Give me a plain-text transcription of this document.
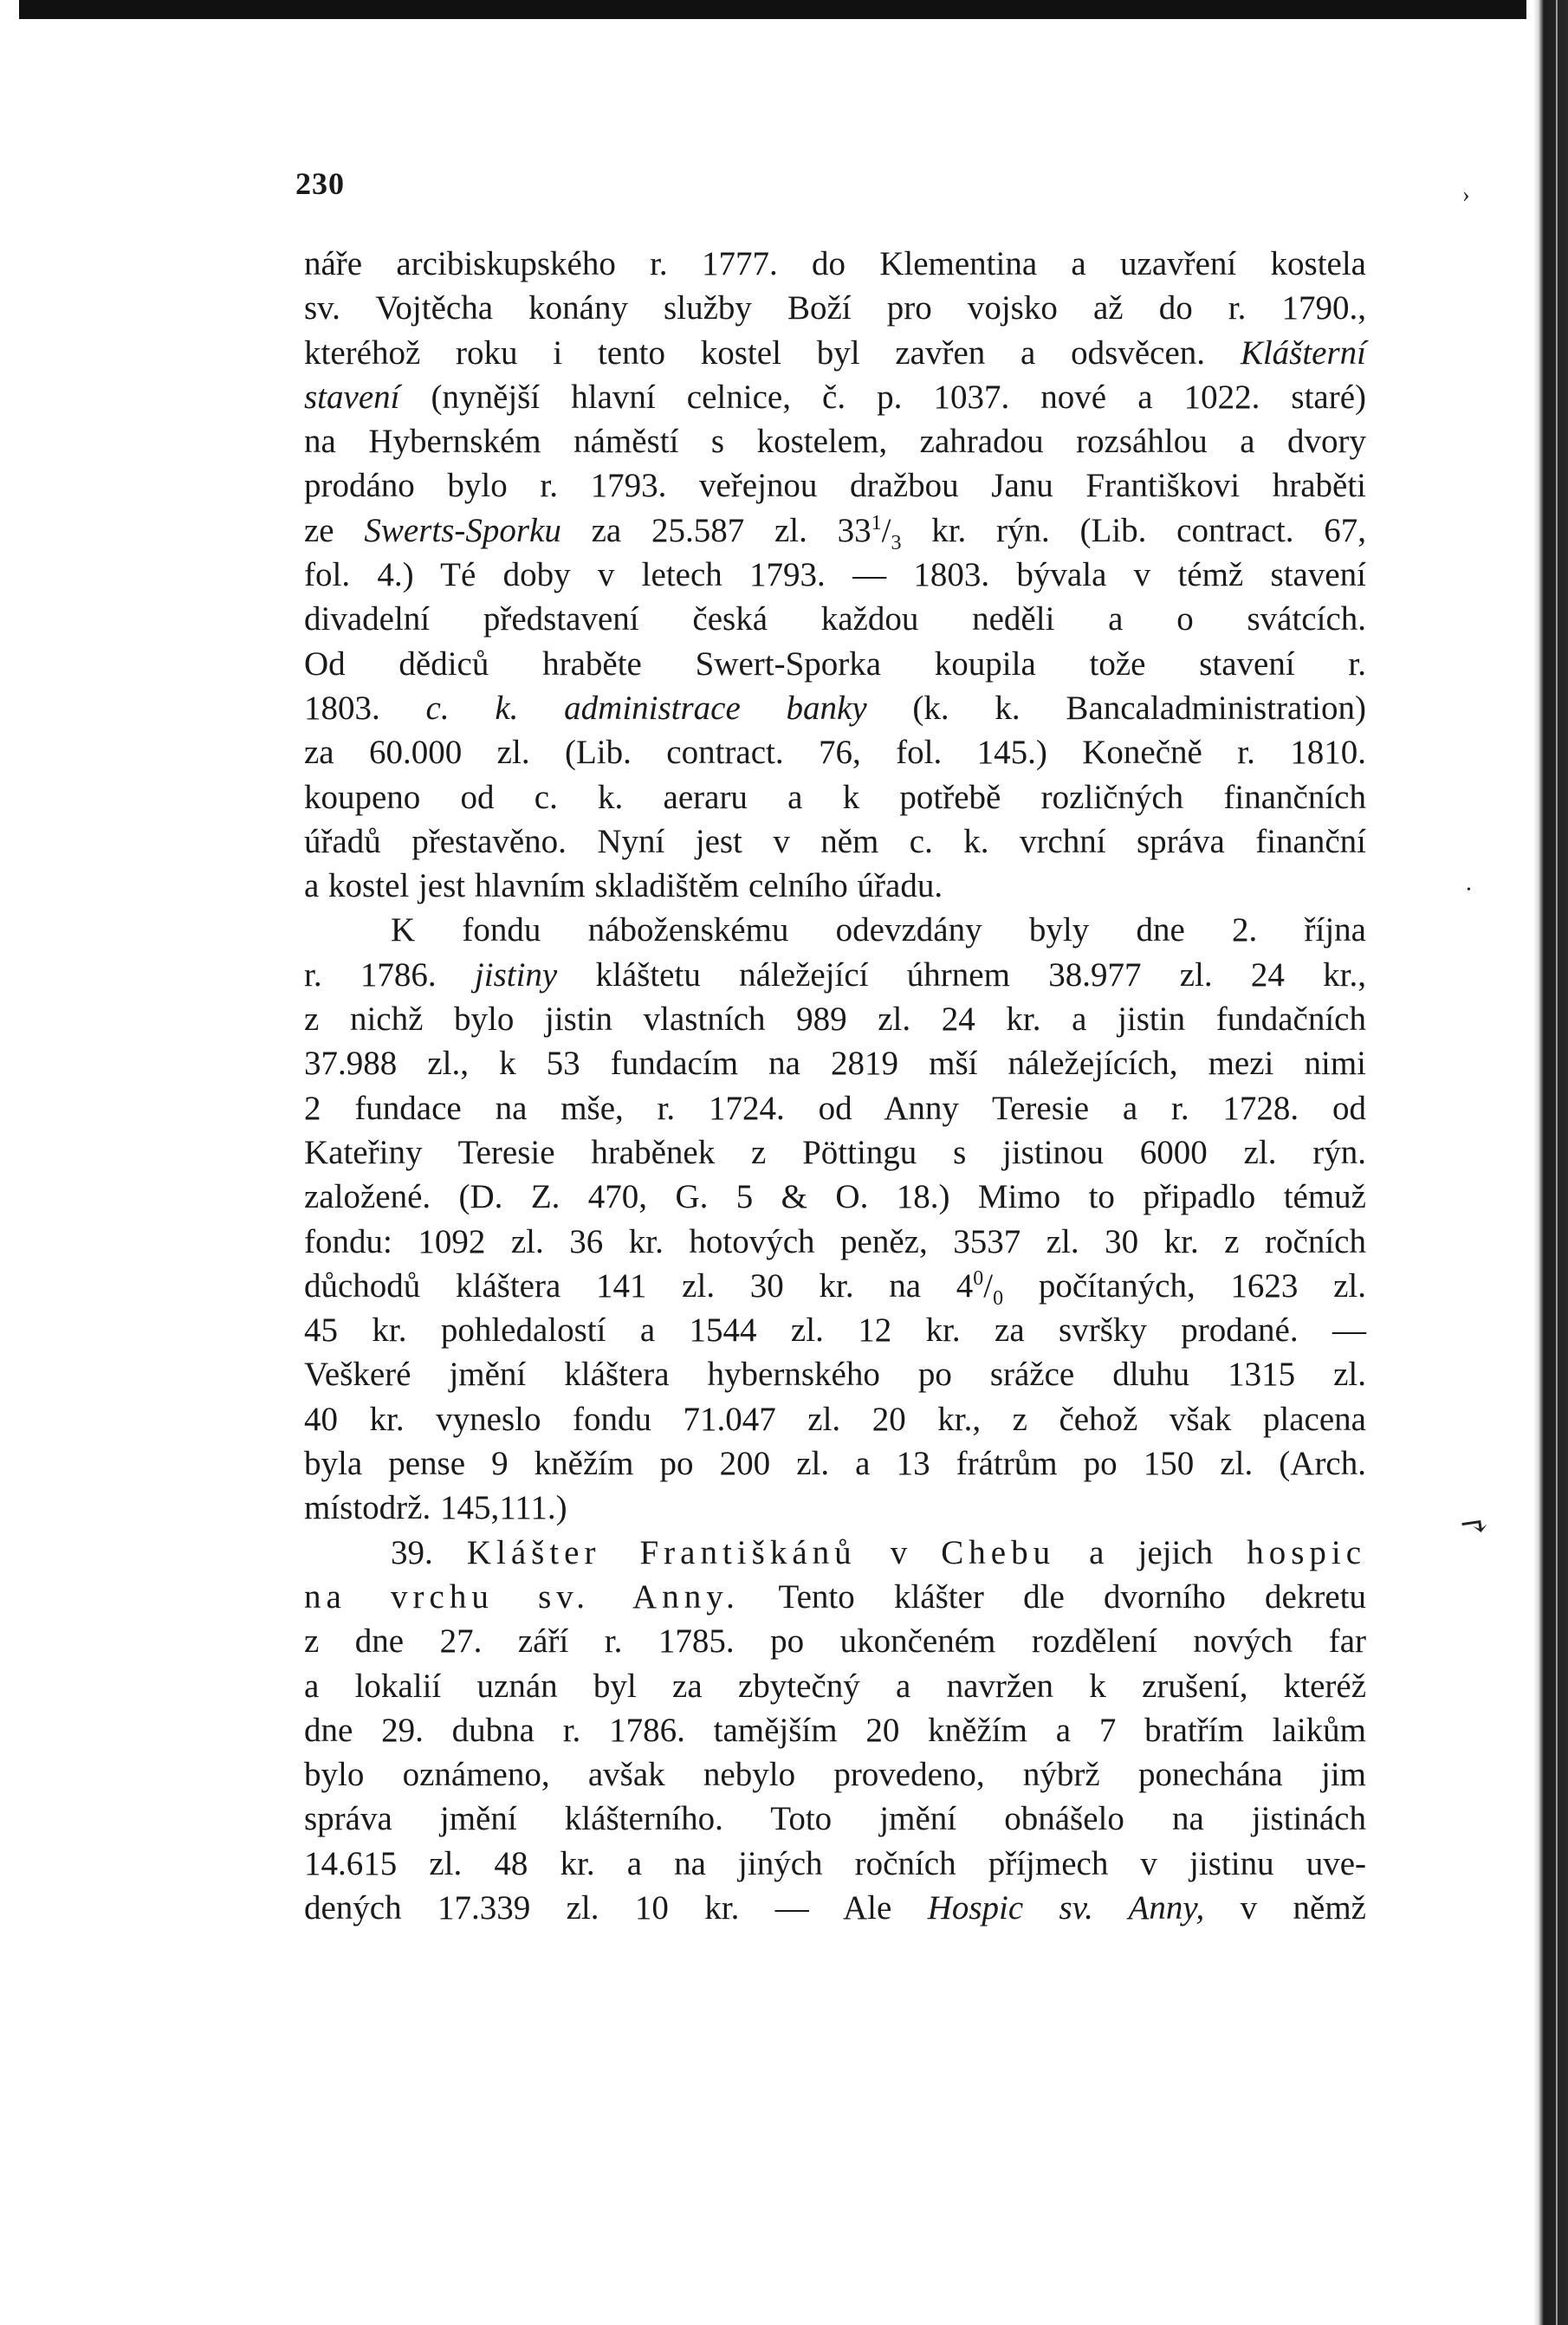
›
⬎
•
230
náře arcibiskupského r. 1777. do Klementina a uzavření kostela
sv. Vojtěcha konány služby Boží pro vojsko až do r. 1790.,
kteréhož roku i tento kostel byl zavřen a odsvěcen. Klášterní
stavení (nynější hlavní celnice, č. p. 1037. nové a 1022. staré)
na Hybernském náměstí s kostelem, zahradou rozsáhlou a dvory
prodáno bylo r. 1793. veřejnou dražbou Janu Františkovi hraběti
ze Swerts-Sporku za 25.587 zl. $33^1/_3$ kr. rýn. (Lib. contract. 67,
fol. 4.) Té doby v letech 1793. — 1803. bývala v témž stavení
divadelní představení česká každou neděli a o svátcích.
Od dědiců hraběte Swert-Sporka koupila tože stavení r.
1803. c. k. administrace banky (k. k. Bancaladministration)
za 60.000 zl. (Lib. contract. 76, fol. 145.) Konečně r. 1810.
koupeno od c. k. aeraru a k potřebě rozličných finančních
úřadů přestavěno. Nyní jest v něm c. k. vrchní správa finanční
a kostel jest hlavním skladištěm celního úřadu.
K fondu náboženskému odevzdány byly dne 2. října
r. 1786. jistiny kláštetu náležející úhrnem 38.977 zl. 24 kr.,
z nichž bylo jistin vlastních 989 zl. 24 kr. a jistin fundačních
37.988 zl., k 53 fundacím na 2819 mší náležejících, mezi nimi
2 fundace na mše, r. 1724. od Anny Teresie a r. 1728. od
Kateřiny Teresie hraběnek z Pöttingu s jistinou 6000 zl. rýn.
založené. (D. Z. 470, G. 5 & O. 18.) Mimo to připadlo témuž
fondu: 1092 zl. 36 kr. hotových peněz, 3537 zl. 30 kr. z ročních
důchodů kláštera 141 zl. 30 kr. na $4^0/_0$ počítaných, 1623 zl.
45 kr. pohledalostí a 1544 zl. 12 kr. za svršky prodané. —
Veškeré jmění kláštera hybernského po srážce dluhu 1315 zl.
40 kr. vyneslo fondu 71.047 zl. 20 kr., z čehož však placena
byla pense 9 kněžím po 200 zl. a 13 frátrům po 150 zl. (Arch.
místodrž. 145,111.)
39. Klášter Františkánů v Chebu a jejich hospic
na vrchu sv. Anny. Tento klášter dle dvorního dekretu
z dne 27. září r. 1785. po ukončeném rozdělení nových far
a lokalií uznán byl za zbytečný a navržen k zrušení, kteréž
dne 29. dubna r. 1786. tamějším 20 kněžím a 7 bratřím laikům
bylo oznámeno, avšak nebylo provedeno, nýbrž ponechána jim
správa jmění klášterního. Toto jmění obnášelo na jistinách
14.615 zl. 48 kr. a na jiných ročních příjmech v jistinu uve-
dených 17.339 zl. 10 kr. — Ale Hospic sv. Anny, v němž
